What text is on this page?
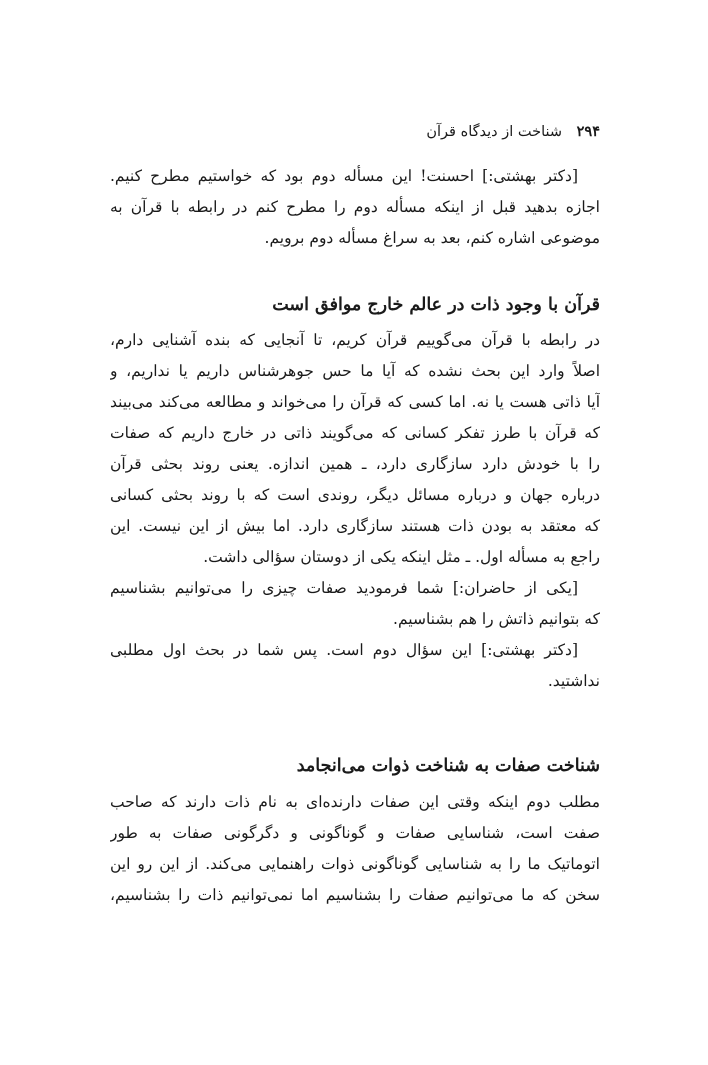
۲۹۴ شناخت از دیدگاه قرآن
[دکتر بهشتی:] احسنت! این مسأله دوم بود که خواستیم مطرح کنیم.
اجازه بدهید قبل از اینکه مسأله دوم را مطرح کنم در رابطه با قرآن به
موضوعی اشاره کنم، بعد به سراغ مسأله دوم برویم.
قرآن با وجود ذات در عالم خارج موافق است
در رابطه با قرآن می‌گوییم قرآن کریم، تا آنجایی که بنده آشنایی دارم،
اصلاً وارد این بحث نشده که آیا ما حس جوهرشناس داریم یا نداریم، و
آیا ذاتی هست یا نه. اما کسی که قرآن را می‌خواند و مطالعه می‌کند می‌بیند
که قرآن با طرز تفکر کسانی که می‌گویند ذاتی در خارج داریم که صفات
را با خودش دارد سازگاری دارد، ـ همین اندازه. یعنی روند بحثی قرآن
درباره جهان و درباره مسائل دیگر، روندی است که با روند بحثی کسانی
که معتقد به بودن ذات هستند سازگاری دارد. اما بیش از این نیست. این
راجع به مسأله اول. ـ مثل اینکه یکی از دوستان سؤالی داشت.
[یکی از حاضران:] شما فرمودید صفات چیزی را می‌توانیم بشناسیم
که بتوانیم ذاتش را هم بشناسیم.
[دکتر بهشتی:] این سؤال دوم است. پس شما در بحث اول مطلبی
نداشتید.
شناخت صفات به شناخت ذوات می‌انجامد
مطلب دوم اینکه وقتی این صفات دارنده‌ای به نام ذات دارند که صاحب
صفت است، شناسایی صفات و گوناگونی و دگرگونی صفات به طور
اتوماتیک ما را به شناسایی گوناگونی ذوات راهنمایی می‌کند. از این رو این
سخن که ما می‌توانیم صفات را بشناسیم اما نمی‌توانیم ذات را بشناسیم،
